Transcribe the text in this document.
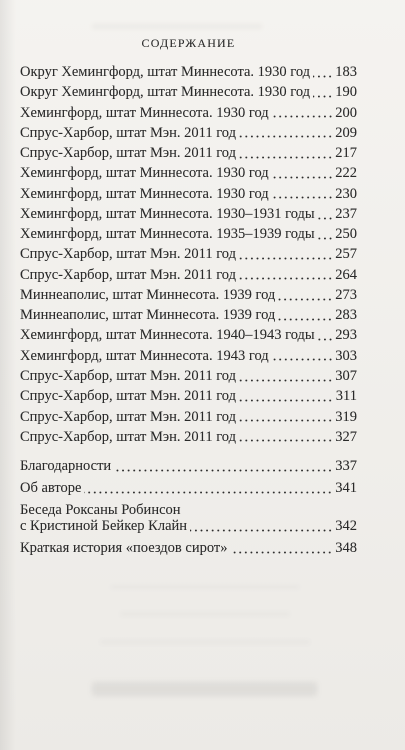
СОДЕРЖАНИЕ
Округ Хемингфорд, штат Миннесота. 1930 год 183
Округ Хемингфорд, штат Миннесота. 1930 год 190
Хемингфорд, штат Миннесота. 1930 год	200
Спрус-Харбор, штат Мэн. 2011 год	209
Спрус-Харбор, штат Мэн. 2011 год	217
Хемингфорд, штат Миннесота. 1930 год	222
Хемингфорд, штат Миннесота. 1930 год	230
Хемингфорд, штат Миннесота. 1930–1931 годы 237
Хемингфорд, штат Миннесота. 1935–1939 годы 250
Спрус-Харбор, штат Мэн. 2011 год	257
Спрус-Харбор, штат Мэн. 2011 год	264
Миннеаполис, штат Миннесота. 1939 год	273
Миннеаполис, штат Миннесота. 1939 год	283
Хемингфорд, штат Миннесота. 1940–1943 годы 293
Хемингфорд, штат Миннесота. 1943 год	303
Спрус-Харбор, штат Мэн. 2011 год	307
Спрус-Харбор, штат Мэн. 2011 год	311
Спрус-Харбор, штат Мэн. 2011 год	319
Спрус-Харбор, штат Мэн. 2011 год	327
Благодарности	337
Об авторе	341
Беседа Роксаны Робинсон
с Кристиной Бейкер Клайн	342
Краткая история «поездов сирот»	348
